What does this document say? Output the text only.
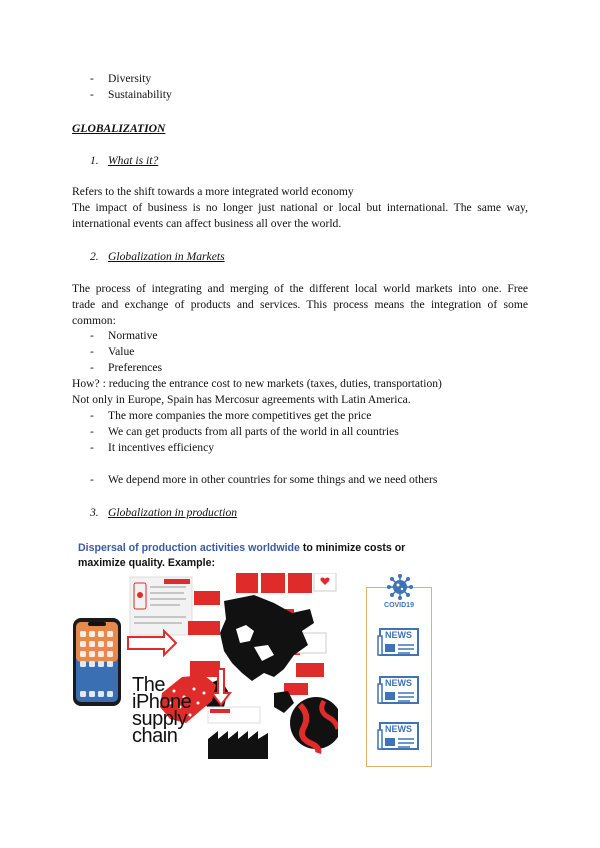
- Diversity
- Sustainability
GLOBALIZATION
1. What is it?
Refers to the shift towards a more integrated world economy
The impact of business is no longer just national or local but international. The same way,
international events can affect business all over the world.
2. Globalization in Markets
The process of integrating and merging of the different local world markets into one. Free
trade and exchange of products and services. This process means the integration of some
common:
- Normative
- Value
- Preferences
How? : reducing the entrance cost to new markets (taxes, duties, transportation)
Not only in Europe, Spain has Mercosur agreements with Latin America.
- The more companies the more competitives get the price
- We can get products from all parts of the world in all countries
- It incentives efficiency
- We depend more in other countries for some things and we need others
3. Globalization in production
Dispersal of production activities worldwide to minimize costs or
maximize quality. Example:
The
iPhone
supply
chain
COVID19
NEWS
NEWS
NEWS
